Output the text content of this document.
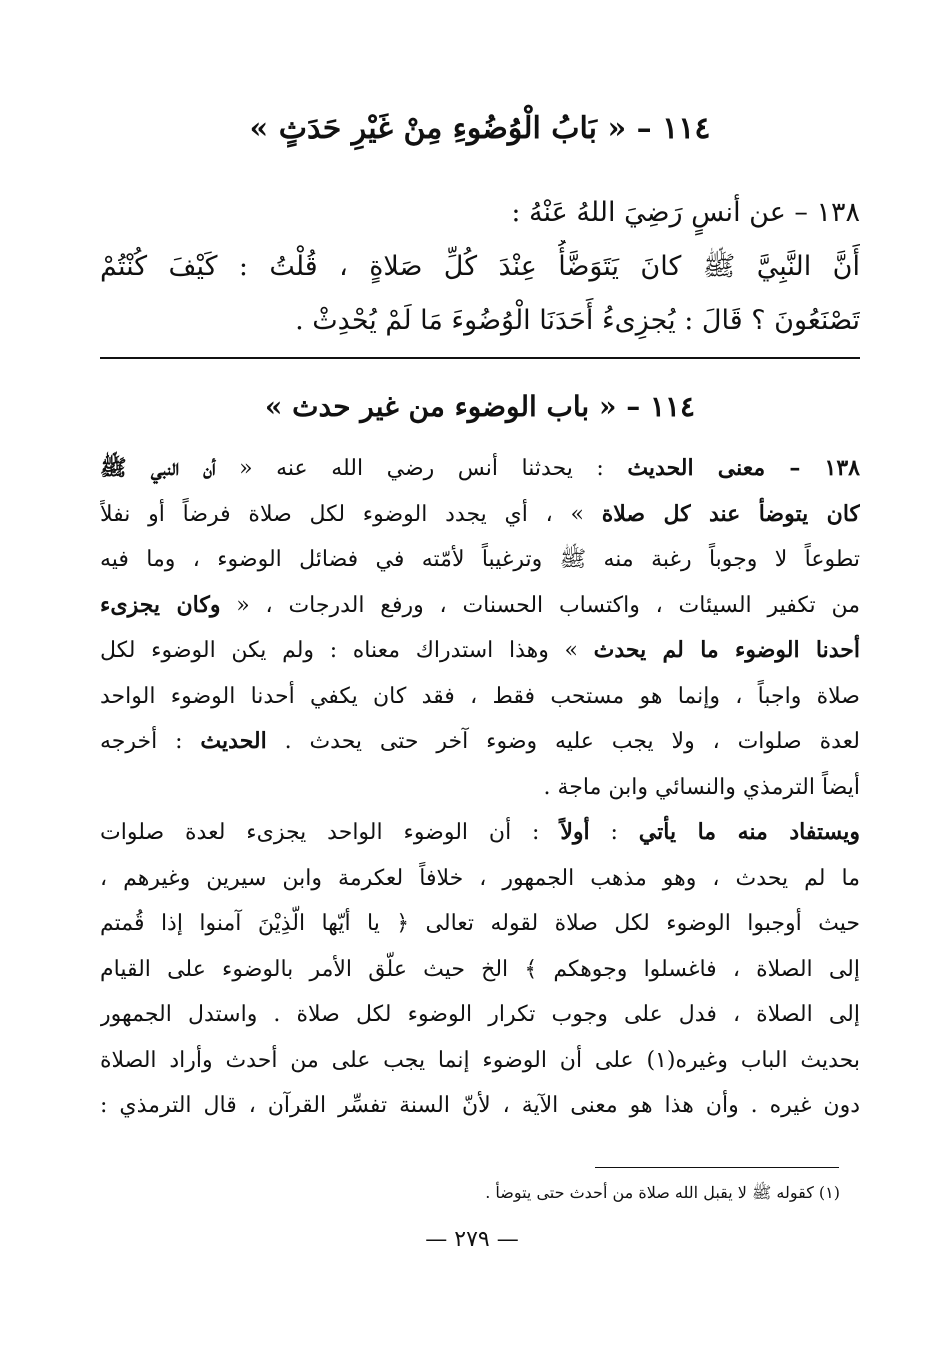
١١٤ – « بَابُ الْوُضُوءِ مِنْ غَيْرِ حَدَثٍ »
١٣٨ – عن أنسٍ رَضِيَ اللهُ عَنْهُ :
أَنَّ النَّبِيَّ ﷺ كانَ يَتَوَضَّأُ عِنْدَ كُلِّ صَلاةٍ ، قُلْتُ : كَيْفَ كُنْتُمْ
تَصْنَعُونَ ؟ قَالَ : يُجزِىءُ أَحَدَنَا الْوُضُوءَ مَا لَمْ يُحْدِثْ .
١١٤ – « باب الوضوء من غير حدث »
١٣٨ – معنى الحديث : يحدثنا أنس رضي الله عنه « أن النبي ﷺ
كان يتوضأ عند كل صلاة » ، أي يجدد الوضوء لكل صلاة فرضاً أو نفلاً
تطوعاً لا وجوباً رغبة منه ﷺ وترغيباً لأمّته في فضائل الوضوء ، وما فيه
من تكفير السيئات ، واكتساب الحسنات ، ورفع الدرجات ، « وكان يجزىء
أحدنا الوضوء ما لم يحدث » وهذا استدراك معناه : ولم يكن الوضوء لكل
صلاة واجباً ، وإنما هو مستحب فقط ، فقد كان يكفي أحدنا الوضوء الواحد
لعدة صلوات ، ولا يجب عليه وضوء آخر حتى يحدث . الحديث : أخرجه
أيضاً الترمذي والنسائي وابن ماجة .
ويستفاد منه ما يأتي : أولاً : أن الوضوء الواحد يجزىء لعدة صلوات
ما لم يحدث ، وهو مذهب الجمهور ، خلافاً لعكرمة وابن سيرين وغيرهم ،
حيث أوجبوا الوضوء لكل صلاة لقوله تعالى ﴿ يا أيّها الّذِيْنَ آمنوا إذا قُمتم
إلى الصلاة ، فاغسلوا وجوهكم ﴾ الخ حيث علّق الأمر بالوضوء على القيام
إلى الصلاة ، فدل على وجوب تكرار الوضوء لكل صلاة . واستدل الجمهور
بحديث الباب وغيره(١) على أن الوضوء إنما يجب على من أحدث وأراد الصلاة
دون غيره . وأن هذا هو معنى الآية ، لأنّ السنة تفسِّر القرآن ، قال الترمذي :
(١) كقوله ﷺ لا يقبل الله صلاة من أحدث حتى يتوضأ .
— ٢٧٩ —
